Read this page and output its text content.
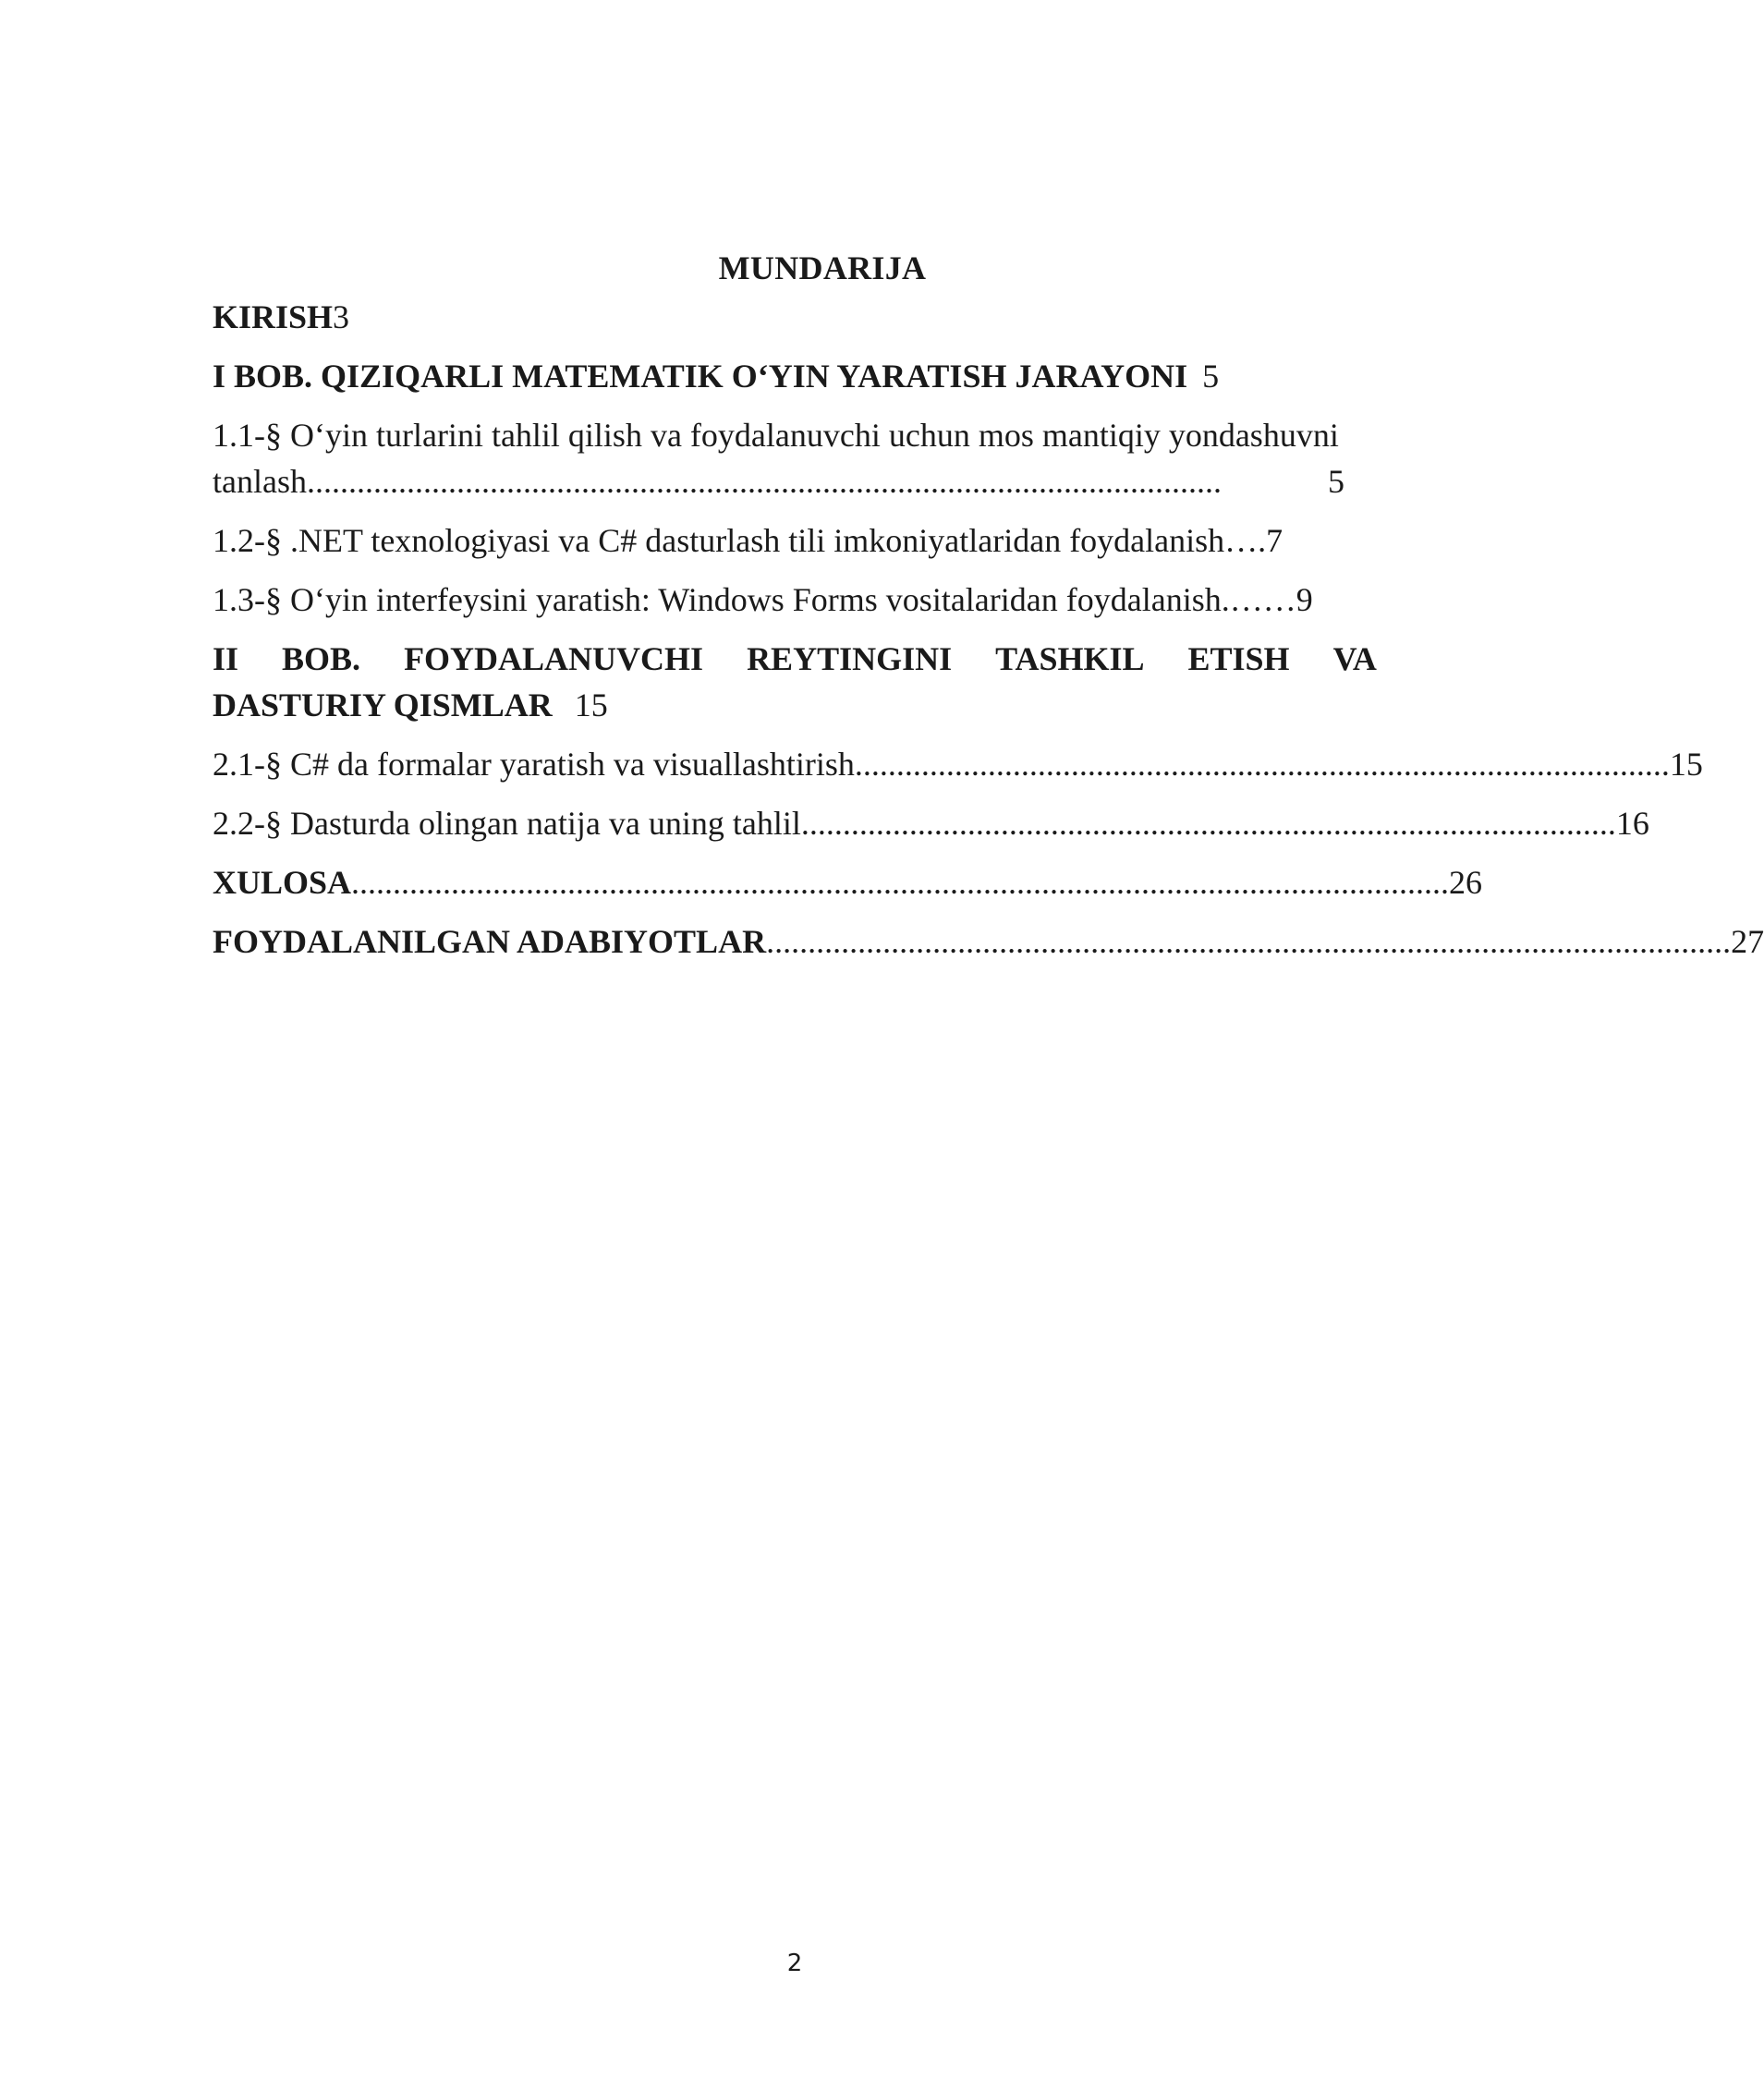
MUNDARIJA
KIRISH 3
I BOB. QIZIQARLI MATEMATIK O‘YIN YARATISH JARAYONI 5
1.1-§ O‘yin turlarini tahlil qilish va foydalanuvchi uchun mos mantiqiy yondashuvni
tanlash ..............................................................................................................	5
1.2-§ .NET texnologiyasi va C# dasturlash tili imkoniyatlaridan foydalanish …. 7
1.3-§ O‘yin interfeysini yaratish: Windows Forms vositalaridan foydalanish. …… 9
II BOB. FOYDALANUVCHI REYTINGINI TASHKIL ETISH VA
DASTURIY QISMLAR 15
2.1-§ C# da formalar yaratish va visuallashtirish .................................................................................................. 15
2.2-§ Dasturda olingan natija va uning tahlil .................................................................................................. 16
XULOSA .................................................................................................................................... 26
FOYDALANILGAN ADABIYOTLAR .................................................................................................................... 27
2
